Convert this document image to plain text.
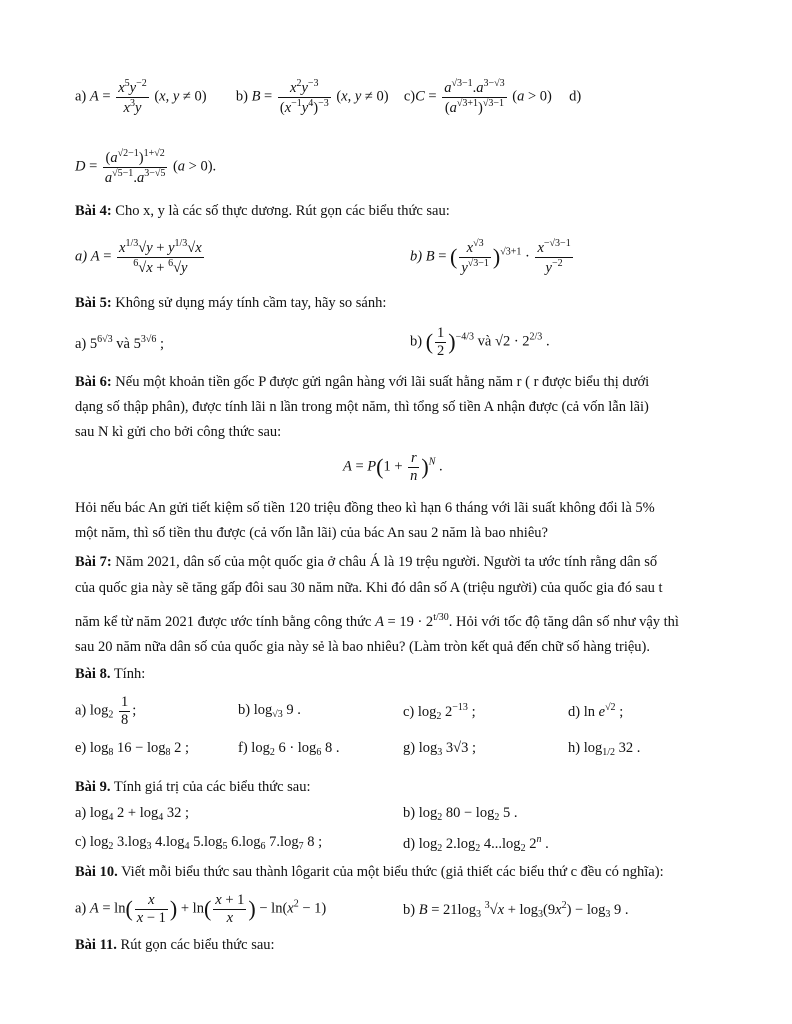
a) $A = \frac{x^5y^{-2}}{x^3y} (x$, y ≠ 0)  b) $B = \frac{x^2y^{-3}}{(x^{-1}y^4)^{-3}} (x$, y ≠ 0)  $c)C = \frac{a^{√3-1}.a^{3-√3}}{(a^{√3+1})^{√3-1}} (a > 0)$  d)
$D = \frac{(a^{√2-1})^{1+√2}}{a^{√5-1}.a^{3-√5}} (a > 0)$.
Bài 4: Cho x, y là các số thực dương. Rút gọn các biểu thức sau:
a) $A = \frac{x^{1/3}√y + y^{1/3}√x}{^6√x + ^6√y}$	b) B = ( $\frac{x^{√3}}{y^{√3-1}} )^{√3+1} \cdot \frac{x^{-√3-1}}{y^{-2}}$
Bài 5: Không sử dụng máy tính cầm tay, hãy so sánh:
a) $5^{6√3}$ và $5^{3√6}$ ;	b) ( $\frac{1}{2} )^{-4/3}$ và $√2 \cdot 2^{2/3}$ .
Bài 6: Nếu một khoản tiền gốc P được gửi ngân hàng với lãi suất hằng năm r ( r được biểu thị dưới
dạng số thập phân), được tính lãi n lần trong một năm, thì tổng số tiền A nhận được (cả vốn lẫn lãi)
sau N kì gửi cho bởi công thức sau:
$A = P(1 + \frac{r}{n} )^N$ .
Hỏi nếu bác An gửi tiết kiệm số tiền 120 triệu đồng theo kì hạn 6 tháng với lãi suất không đổi là 5%
một năm, thì số tiền thu được (cả vốn lẫn lãi) của bác An sau 2 năm là bao nhiêu?
Bài 7: Năm 2021, dân số của một quốc gia ở châu Á là 19 trệu người. Người ta ước tính rằng dân số
của quốc gia này sẽ tăng gấp đôi sau 30 năm nữa. Khi đó dân số A (triệu người) của quốc gia đó sau t
năm kể từ năm 2021 được ước tính bằng công thức $A = 19 \cdot 2^{t/30}$. Hỏi với tốc độ tăng dân số như vậy thì
sau 20 năm nữa dân số của quốc gia này sẻ là bao nhiêu? (Làm tròn kết quả đến chữ số hàng triệu).
Bài 8. Tính:
a) $\log_2 \frac{1}{8}$ ;	b) $\log_{√3} 9$ .	c) $\log_2 2^{-13}$ ;	d) $\ln e^{√2}$ ;
e) $\log_8 16 - \log_8 2$ ;	f) $\log_2 6 \cdot \log_6 8$ .	g) $\log_3 3√3$ ;	h) $\log_{1/2} 32$ .
Bài 9. Tính giá trị của các biểu thức sau:
a) $\log_4 2 + \log_4 32$ ;	b) $\log_2 80 - \log_2 5$ .
c) $\log_2 3.\log_3$ $4.\log_4$ $5.\log_5$ $6.\log_6$ $7.\log_7$ 8 ;	d) $\log_2 2.\log_2$ $4...\log_2$ 2$^n$ .
Bài 10. Viết mỗi biểu thức sau thành lôgarit của một biểu thức (giả thiết các biểu thứ c đều có nghĩa):
a) $A = \ln( \frac{x}{x - 1}$ ) + $\ln( \frac{x + 1}{x}$ ) − $\ln(x^2 - 1)$	b) $B = 21\log_3$ $^3√x + \log_3(9x^2) - \log_3 9$ .
Bài 11. Rút gọn các biểu thức sau:
